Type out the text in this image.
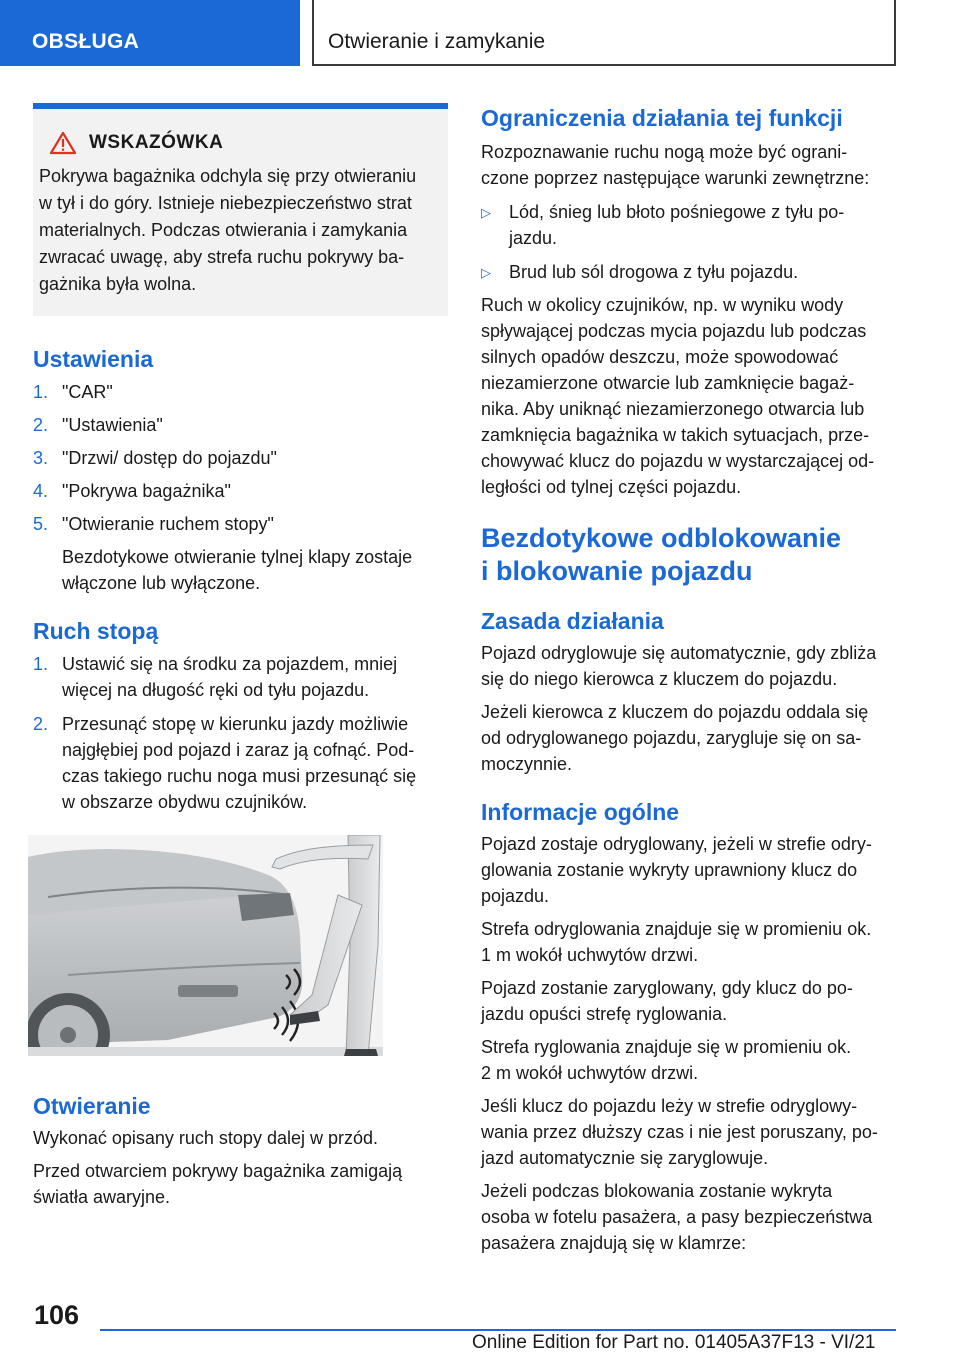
OBSŁUGA	Otwieranie i zamykanie
WSKAZÓWKA
Pokrywa bagażnika odchyla się przy otwieraniu
w tył i do góry. Istnieje niebezpieczeństwo strat
materialnych. Podczas otwierania i zamykania
zwracać uwagę, aby strefa ruchu pokrywy ba-
gażnika była wolna.
Ustawienia
1. "CAR"
2. "Ustawienia"
3. "Drzwi/ dostęp do pojazdu"
4. "Pokrywa bagażnika"
5. "Otwieranie ruchem stopy"

Bezdotykowe otwieranie tylnej klapy zostaje
włączone lub wyłączone.

Ruch stopą
1. Ustawić się na środku za pojazdem, mniej
więcej na długość ręki od tyłu pojazdu.
2. Przesunąć stopę w kierunku jazdy możliwie
najgłębiej pod pojazd i zaraz ją cofnąć. Pod-
czas takiego ruchu noga musi przesunąć się
w obszarze obydwu czujników.
Otwieranie

Wykonać opisany ruch stopy dalej w przód.

Przed otwarciem pokrywy bagażnika zamigają
światła awaryjne.

Ograniczenia działania tej funkcji

Rozpoznawanie ruchu nogą może być ograni-
czone poprzez następujące warunki zewnętrzne:

▷	Lód, śnieg lub błoto pośniegowe z tyłu po-
jazdu.
▷	Brud lub sól drogowa z tyłu pojazdu.

Ruch w okolicy czujników, np. w wyniku wody
spływającej podczas mycia pojazdu lub podczas
silnych opadów deszczu, może spowodować
niezamierzone otwarcie lub zamknięcie bagaż-
nika. Aby uniknąć niezamierzonego otwarcia lub
zamknięcia bagażnika w takich sytuacjach, prze-
chowywać klucz do pojazdu w wystarczającej od-
ległości od tylnej części pojazdu.

Bezdotykowe odblokowanie
i blokowanie pojazdu
Zasada działania

Pojazd odryglowuje się automatycznie, gdy zbliża
się do niego kierowca z kluczem do pojazdu.

Jeżeli kierowca z kluczem do pojazdu oddala się
od odryglowanego pojazdu, zarygluje się on sa-
moczynnie.

Informacje ogólne

Pojazd zostaje odryglowany, jeżeli w strefie odry-
glowania zostanie wykryty uprawniony klucz do
pojazdu.

Strefa odryglowania znajduje się w promieniu ok.
1 m wokół uchwytów drzwi.

Pojazd zostanie zaryglowany, gdy klucz do po-
jazdu opuści strefę ryglowania.

Strefa ryglowania znajduje się w promieniu ok.
2 m wokół uchwytów drzwi.

Jeśli klucz do pojazdu leży w strefie odryglowy-
wania przez dłuższy czas i nie jest poruszany, po-
jazd automatycznie się zaryglowuje.

Jeżeli podczas blokowania zostanie wykryta
osoba w fotelu pasażera, a pasy bezpieczeństwa
pasażera znajdują się w klamrze:

106
Online Edition for Part no. 01405A37F13 - VI/21
